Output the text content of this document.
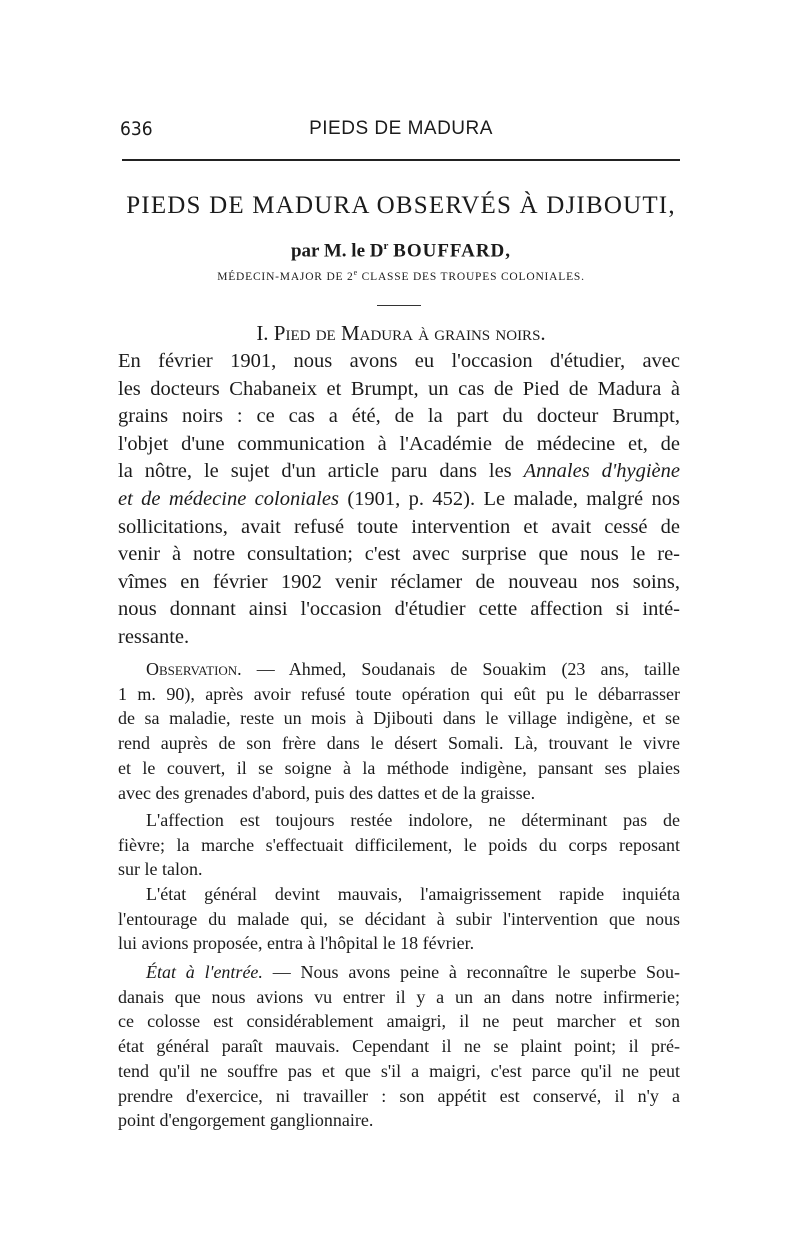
636	PIEDS DE MADURA
PIEDS DE MADURA OBSERVÉS À DJIBOUTI,
par M. le $D^r$ BOUFFARD,
MÉDECIN-MAJOR DE 2e CLASSE DES TROUPES COLONIALES.
I. Pied de Madura à grains noirs.
En février 1901, nous avons eu l'occasion d'étudier, avec
les docteurs Chabaneix et Brumpt, un cas de Pied de Madura à
grains noirs : ce cas a été, de la part du docteur Brumpt,
l'objet d'une communication à l'Académie de médecine et, de
la nôtre, le sujet d'un article paru dans les Annales d'hygiène
et de médecine coloniales (1901, p. 452). Le malade, malgré nos
sollicitations, avait refusé toute intervention et avait cessé de
venir à notre consultation; c'est avec surprise que nous le re-
vîmes en février 1902 venir réclamer de nouveau nos soins,
nous donnant ainsi l'occasion d'étudier cette affection si inté-
ressante.
Observation. — Ahmed, Soudanais de Souakim (23 ans, taille
1 m. 90), après avoir refusé toute opération qui eût pu le débarrasser
de sa maladie, reste un mois à Djibouti dans le village indigène, et se
rend auprès de son frère dans le désert Somali. Là, trouvant le vivre
et le couvert, il se soigne à la méthode indigène, pansant ses plaies
avec des grenades d'abord, puis des dattes et de la graisse.
L'affection est toujours restée indolore, ne déterminant pas de
fièvre; la marche s'effectuait difficilement, le poids du corps reposant
sur le talon.
L'état général devint mauvais, l'amaigrissement rapide inquiéta
l'entourage du malade qui, se décidant à subir l'intervention que nous
lui avions proposée, entra à l'hôpital le 18 février.
État à l'entrée. — Nous avons peine à reconnaître le superbe Sou-
danais que nous avions vu entrer il y a un an dans notre infirmerie;
ce colosse est considérablement amaigri, il ne peut marcher et son
état général paraît mauvais. Cependant il ne se plaint point; il pré-
tend qu'il ne souffre pas et que s'il a maigri, c'est parce qu'il ne peut
prendre d'exercice, ni travailler : son appétit est conservé, il n'y a
point d'engorgement ganglionnaire.
